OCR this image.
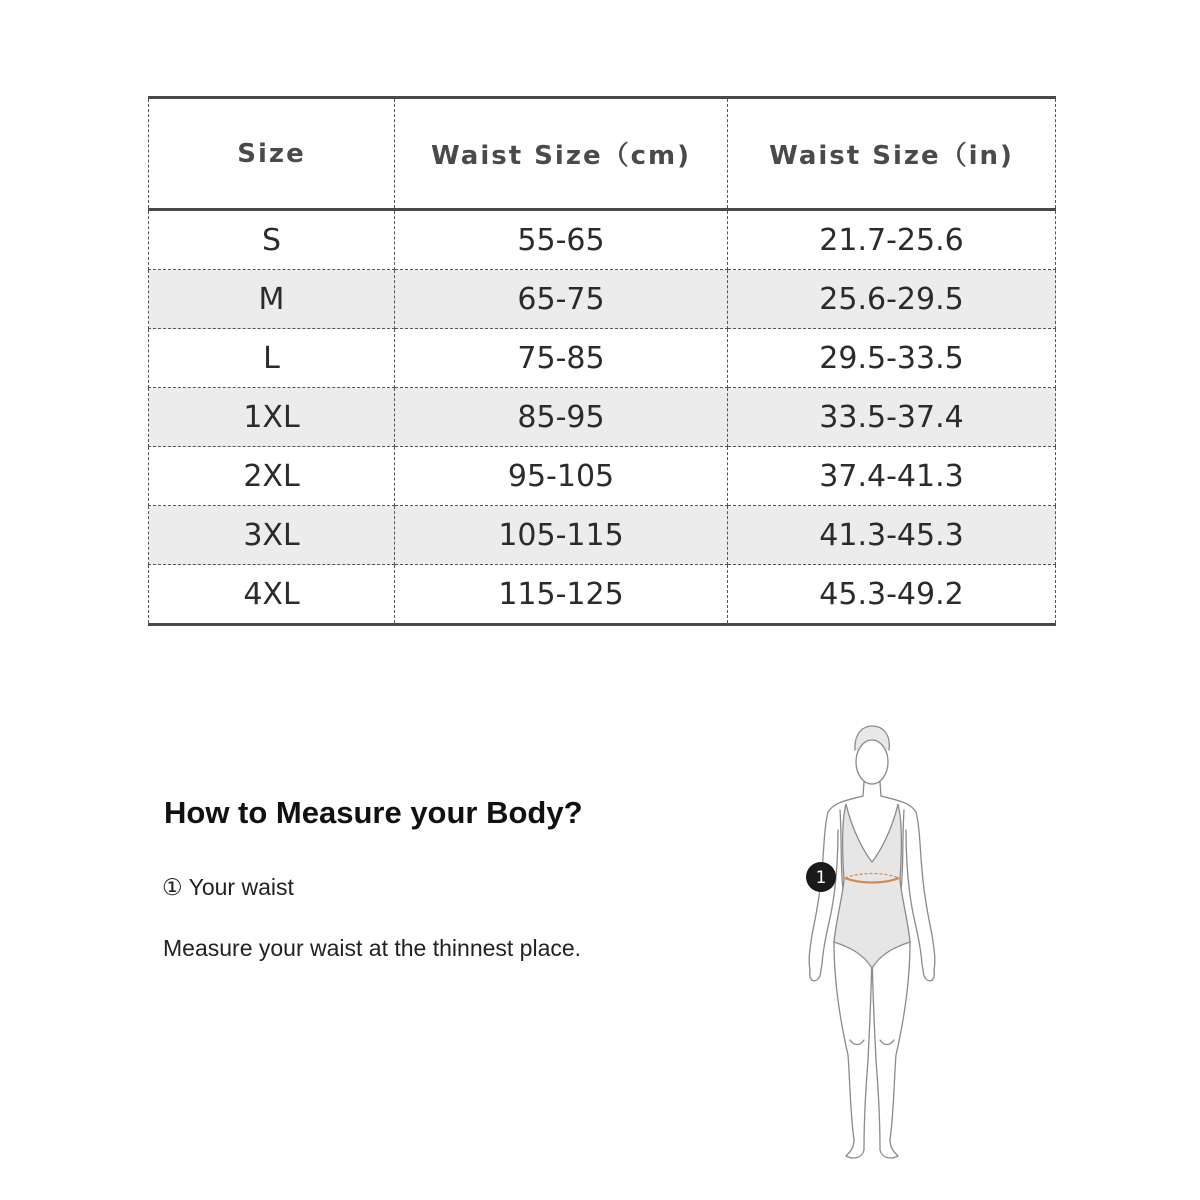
Size	Waist Size（cm)	Waist Size（in)
S	55-65	21.7-25.6
M	65-75	25.6-29.5
L	75-85	29.5-33.5
1XL	85-95	33.5-37.4
2XL	95-105	37.4-41.3
3XL	105-115	41.3-45.3
4XL	115-125	45.3-49.2
How to Measure your Body?
① Your waist

Measure your waist at the thinnest place.

1
